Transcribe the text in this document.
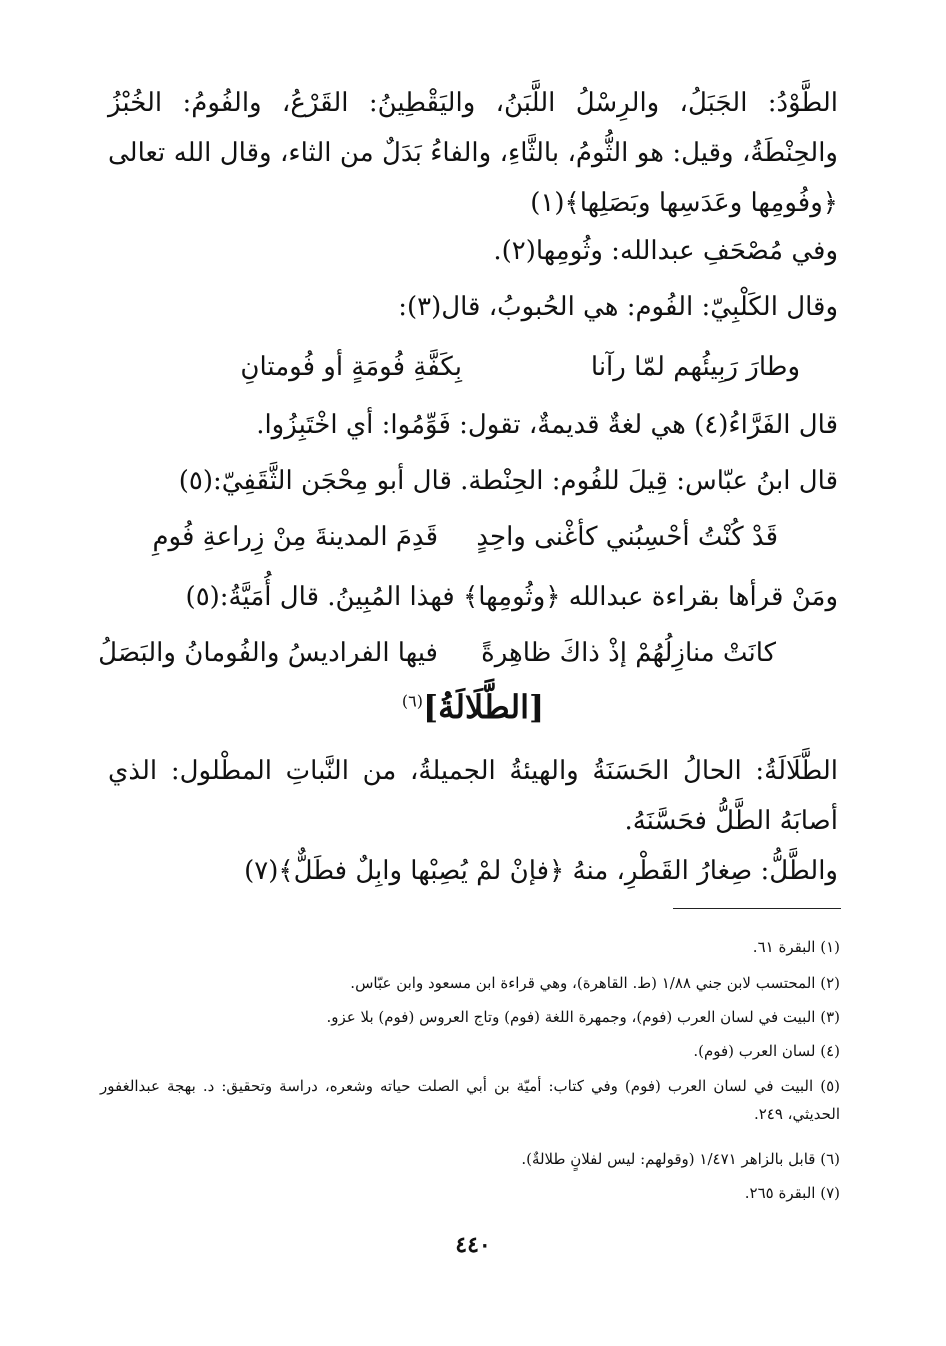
الطَّوْدُ: الجَبَلُ، والرِسْلُ اللَّبَنُ، واليَقْطِينُ: القَرْعُ، والفُومُ: الخُبْزُ والحِنْطَةُ، وقيل: هو الثُّومُ، بالثَّاءِ، والفاءُ بَدَلٌ من الثاء، وقال الله تعالى ﴿وفُومِها وعَدَسِها وبَصَلِها﴾(١)
وفي مُصْحَفِ عبدالله: وثُومِها(٢).
وقال الكَلْبِيّ: الفُوم: هي الحُبوبُ، قال(٣):
وطارَ رَبِيئُهم لمّا رآنا
بِكَفَّةِ فُومَةٍ أو فُومتانِ
قال الفَرَّاءُ(٤) هي لغةٌ قديمةٌ، تقول: فَوِّمُوا: أي اخْتَبِزُوا.
قال ابنُ عبّاس: قِيلَ للفُوم: الحِنْطة. قال أبو مِحْجَن الثَّقَفِيّ:(٥)
قَدْ كُنْتُ أحْسِبُني كأغْنى واحِدٍ
قَدِمَ المدينةَ مِنْ زِراعةِ فُومِ
ومَنْ قرأها بقراءة عبدالله ﴿وثُومِها﴾ فهذا المُبِينُ. قال أُمَيَّةُ:(٥)
كانَتْ منازِلُهُمْ إذْ ذاكَ ظاهِرةً
فيها الفراديسُ والفُومانُ والبَصَلُ
[الطَّلَالَةُ]$^{(٦)}$
الطَّلَالَةُ: الحالُ الحَسَنَةُ والهيئةُ الجميلةُ، من النَّباتِ المطْلول: الذي أصابَهُ الطَّلُّ فحَسَّنَهُ.
والطَّلُّ: صِغارُ القَطْرِ، منهُ ﴿فإنْ لمْ يُصِبْها وابِلٌ فطَلٌّ﴾(٧)
(١) البقرة ٦١.
(٢) المحتسب لابن جني ١/٨٨ (ط. القاهرة)، وهي قراءة ابن مسعود وابن عبّاس.
(٣) البيت في لسان العرب (فوم)، وجمهرة اللغة (فوم) وتاج العروس (فوم) بلا عزو.
(٤) لسان العرب (فوم).
(٥) البيت في لسان العرب (فوم) وفي كتاب: أميّة بن أبي الصلت حياته وشعره، دراسة وتحقيق: د. بهجة عبدالغفور الحديثي، ٢٤٩.
(٦) قابل بالزاهر ١/٤٧١ (وقولهم: ليس لفلانٍ طلالةٌ).
(٧) البقرة ٢٦٥.
٤٤٠
